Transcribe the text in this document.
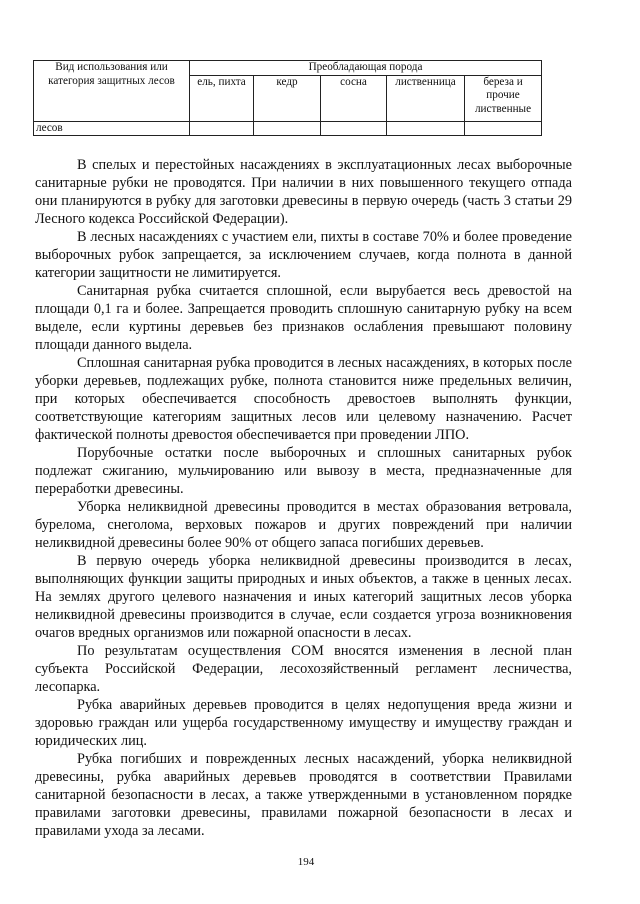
Вид использования или категория защитных лесов	Преобладающая порода				
	ель, пихта	кедр	сосна	лиственница	береза и прочие лиственные
лесов					

В спелых и перестойных насаждениях в эксплуатационных лесах выборочные санитарные рубки не проводятся. При наличии в них повышенного текущего отпада они планируются в рубку для заготовки древесины в первую очередь (часть 3 статьи 29 Лесного кодекса Российской Федерации).

В лесных насаждениях с участием ели, пихты в составе 70% и более проведение выборочных рубок запрещается, за исключением случаев, когда полнота в данной категории защитности не лимитируется.

Санитарная рубка считается сплошной, если вырубается весь древостой на площади 0,1 га и более. Запрещается проводить сплошную санитарную рубку на всем выделе, если куртины деревьев без признаков ослабления превышают половину площади данного выдела.

Сплошная санитарная рубка проводится в лесных насаждениях, в которых после уборки деревьев, подлежащих рубке, полнота становится ниже предельных величин, при которых обеспечивается способность древостоев выполнять функции, соответствующие категориям защитных лесов или целевому назначению. Расчет фактической полноты древостоя обеспечивается при проведении ЛПО.

Порубочные остатки после выборочных и сплошных санитарных рубок подлежат сжиганию, мульчированию или вывозу в места, предназначенные для переработки древесины.

Уборка неликвидной древесины проводится в местах образования ветровала, бурелома, снеголома, верховых пожаров и других повреждений при наличии неликвидной древесины более 90% от общего запаса погибших деревьев.

В первую очередь уборка неликвидной древесины производится в лесах, выполняющих функции защиты природных и иных объектов, а также в ценных лесах. На землях другого целевого назначения и иных категорий защитных лесов уборка неликвидной древесины производится в случае, если создается угроза возникновения очагов вредных организмов или пожарной опасности в лесах.

По результатам осуществления СОМ вносятся изменения в лесной план субъекта Российской Федерации, лесохозяйственный регламент лесничества, лесопарка.

Рубка аварийных деревьев проводится в целях недопущения вреда жизни и здоровью граждан или ущерба государственному имуществу и имуществу граждан и юридических лиц.

Рубка погибших и поврежденных лесных насаждений, уборка неликвидной древесины, рубка аварийных деревьев проводятся в соответствии Правилами санитарной безопасности в лесах, а также утвержденными в установленном порядке правилами заготовки древесины, правилами пожарной безопасности в лесах и правилами ухода за лесами.

194
